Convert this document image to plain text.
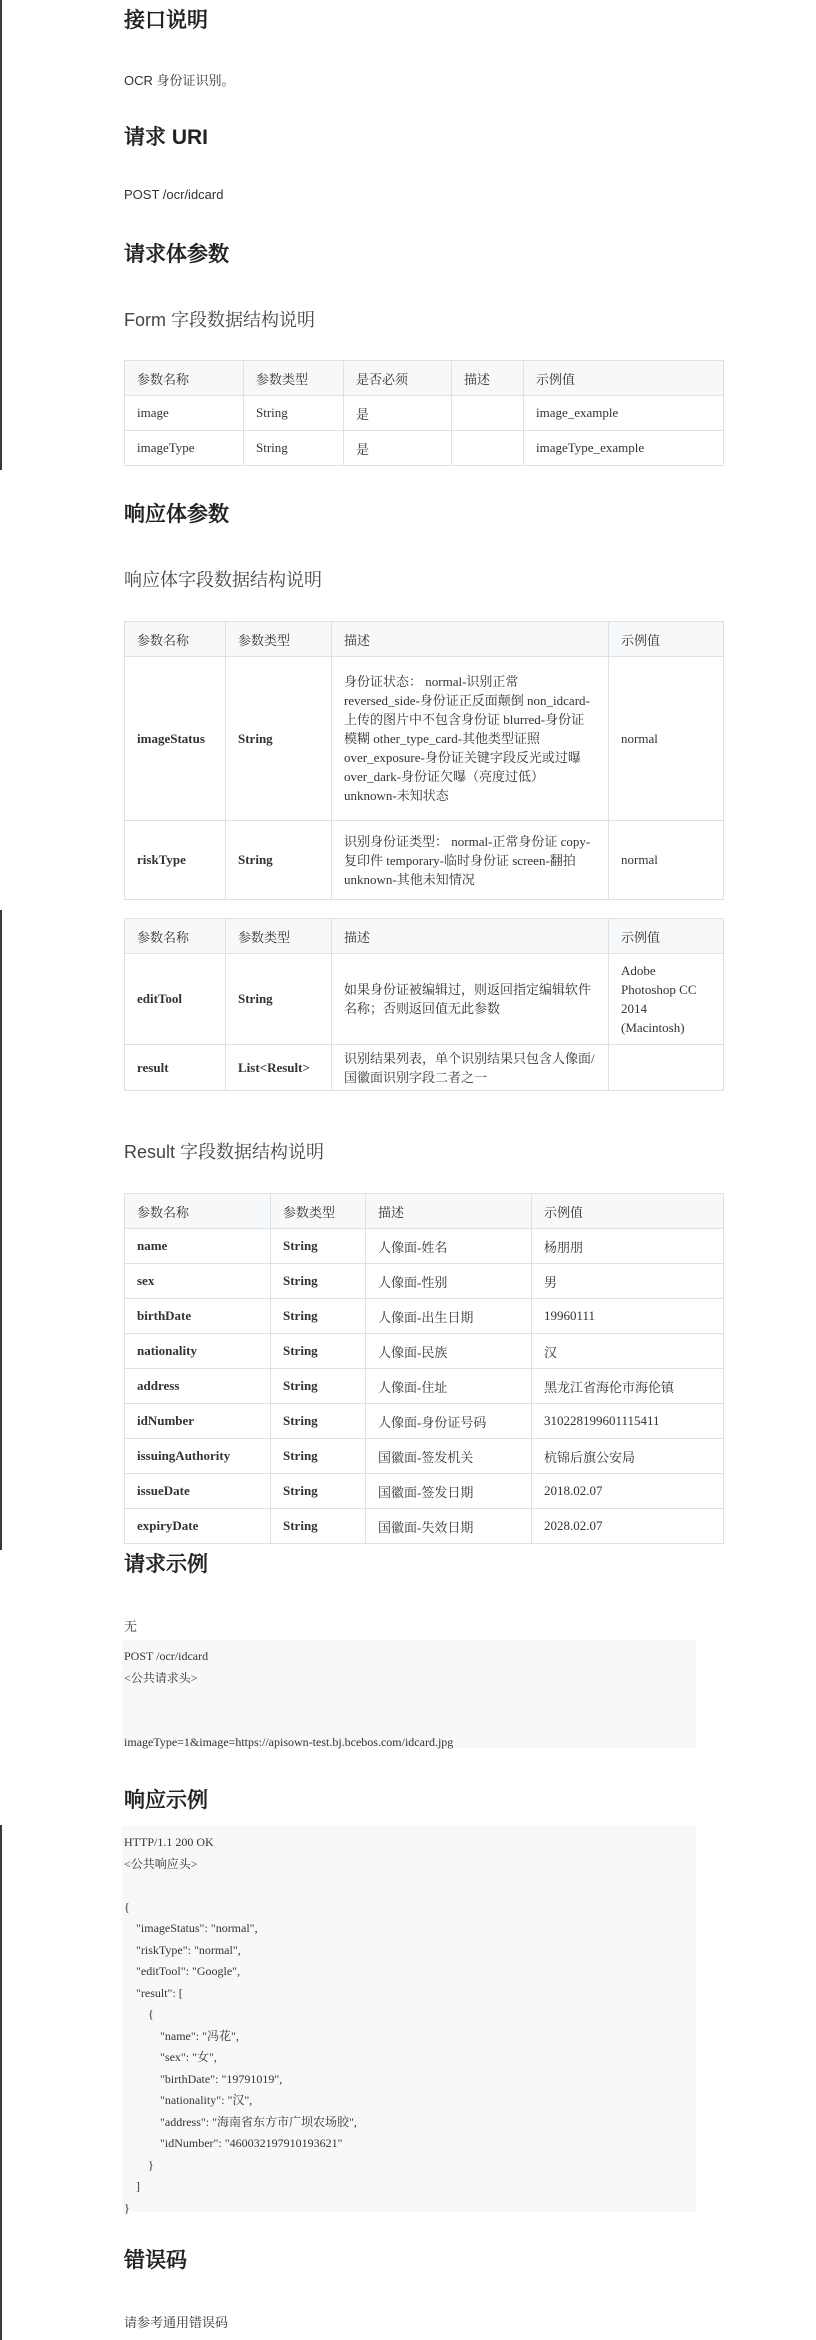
接口说明

OCR 身份证识别。

请求 URI

POST /ocr/idcard

请求体参数
Form 字段数据结构说明
参数名称	参数类型	是否必须	描述	示例值
image	String	是		image_example
imageType	String	是		imageType_example
响应体参数
响应体字段数据结构说明
参数名称	参数类型	描述	示例值
imageStatus	String	身份证状态： normal-识别正常 reversed_side-身份证正反面颠倒 non_idcard-上传的图片中不包含身份证 blurred-身份证模糊 other_type_card-其他类型证照 over_exposure-身份证关键字段反光或过曝 over_dark-身份证欠曝（亮度过低） unknown-未知状态	normal
riskType	String	识别身份证类型： normal-正常身份证 copy-复印件 temporary-临时身份证 screen-翻拍 unknown-其他未知情况	normal
参数名称	参数类型	描述	示例值
editTool	String	如果身份证被编辑过，则返回指定编辑软件名称；否则返回值无此参数	Adobe Photoshop CC 2014 (Macintosh)
result	List<Result>	识别结果列表，单个识别结果只包含人像面/国徽面识别字段二者之一	
Result 字段数据结构说明
参数名称	参数类型	描述	示例值
name	String	人像面-姓名	杨朋朋
sex	String	人像面-性别	男
birthDate	String	人像面-出生日期	19960111
nationality	String	人像面-民族	汉
address	String	人像面-住址	黑龙江省海伦市海伦镇
idNumber	String	人像面-身份证号码	310228199601115411
issuingAuthority	String	国徽面-签发机关	杭锦后旗公安局
issueDate	String	国徽面-签发日期	2018.02.07
expiryDate	String	国徽面-失效日期	2028.02.07
请求示例

无

POST /ocr/idcard
<公共请求头>

imageType=1&image=https://apisown-test.bj.bcebos.com/idcard.jpg
响应示例
HTTP/1.1 200 OK
<公共响应头>

{
"imageStatus": "normal",
"riskType": "normal",
"editTool": "Google",
"result": [
{
"name": "冯花",
"sex": "女",
"birthDate": "19791019",
"nationality": "汉",
"address": "海南省东方市广坝农场胶",
"idNumber": "460032197910193621"
}
]
}
错误码

请参考通用错误码
